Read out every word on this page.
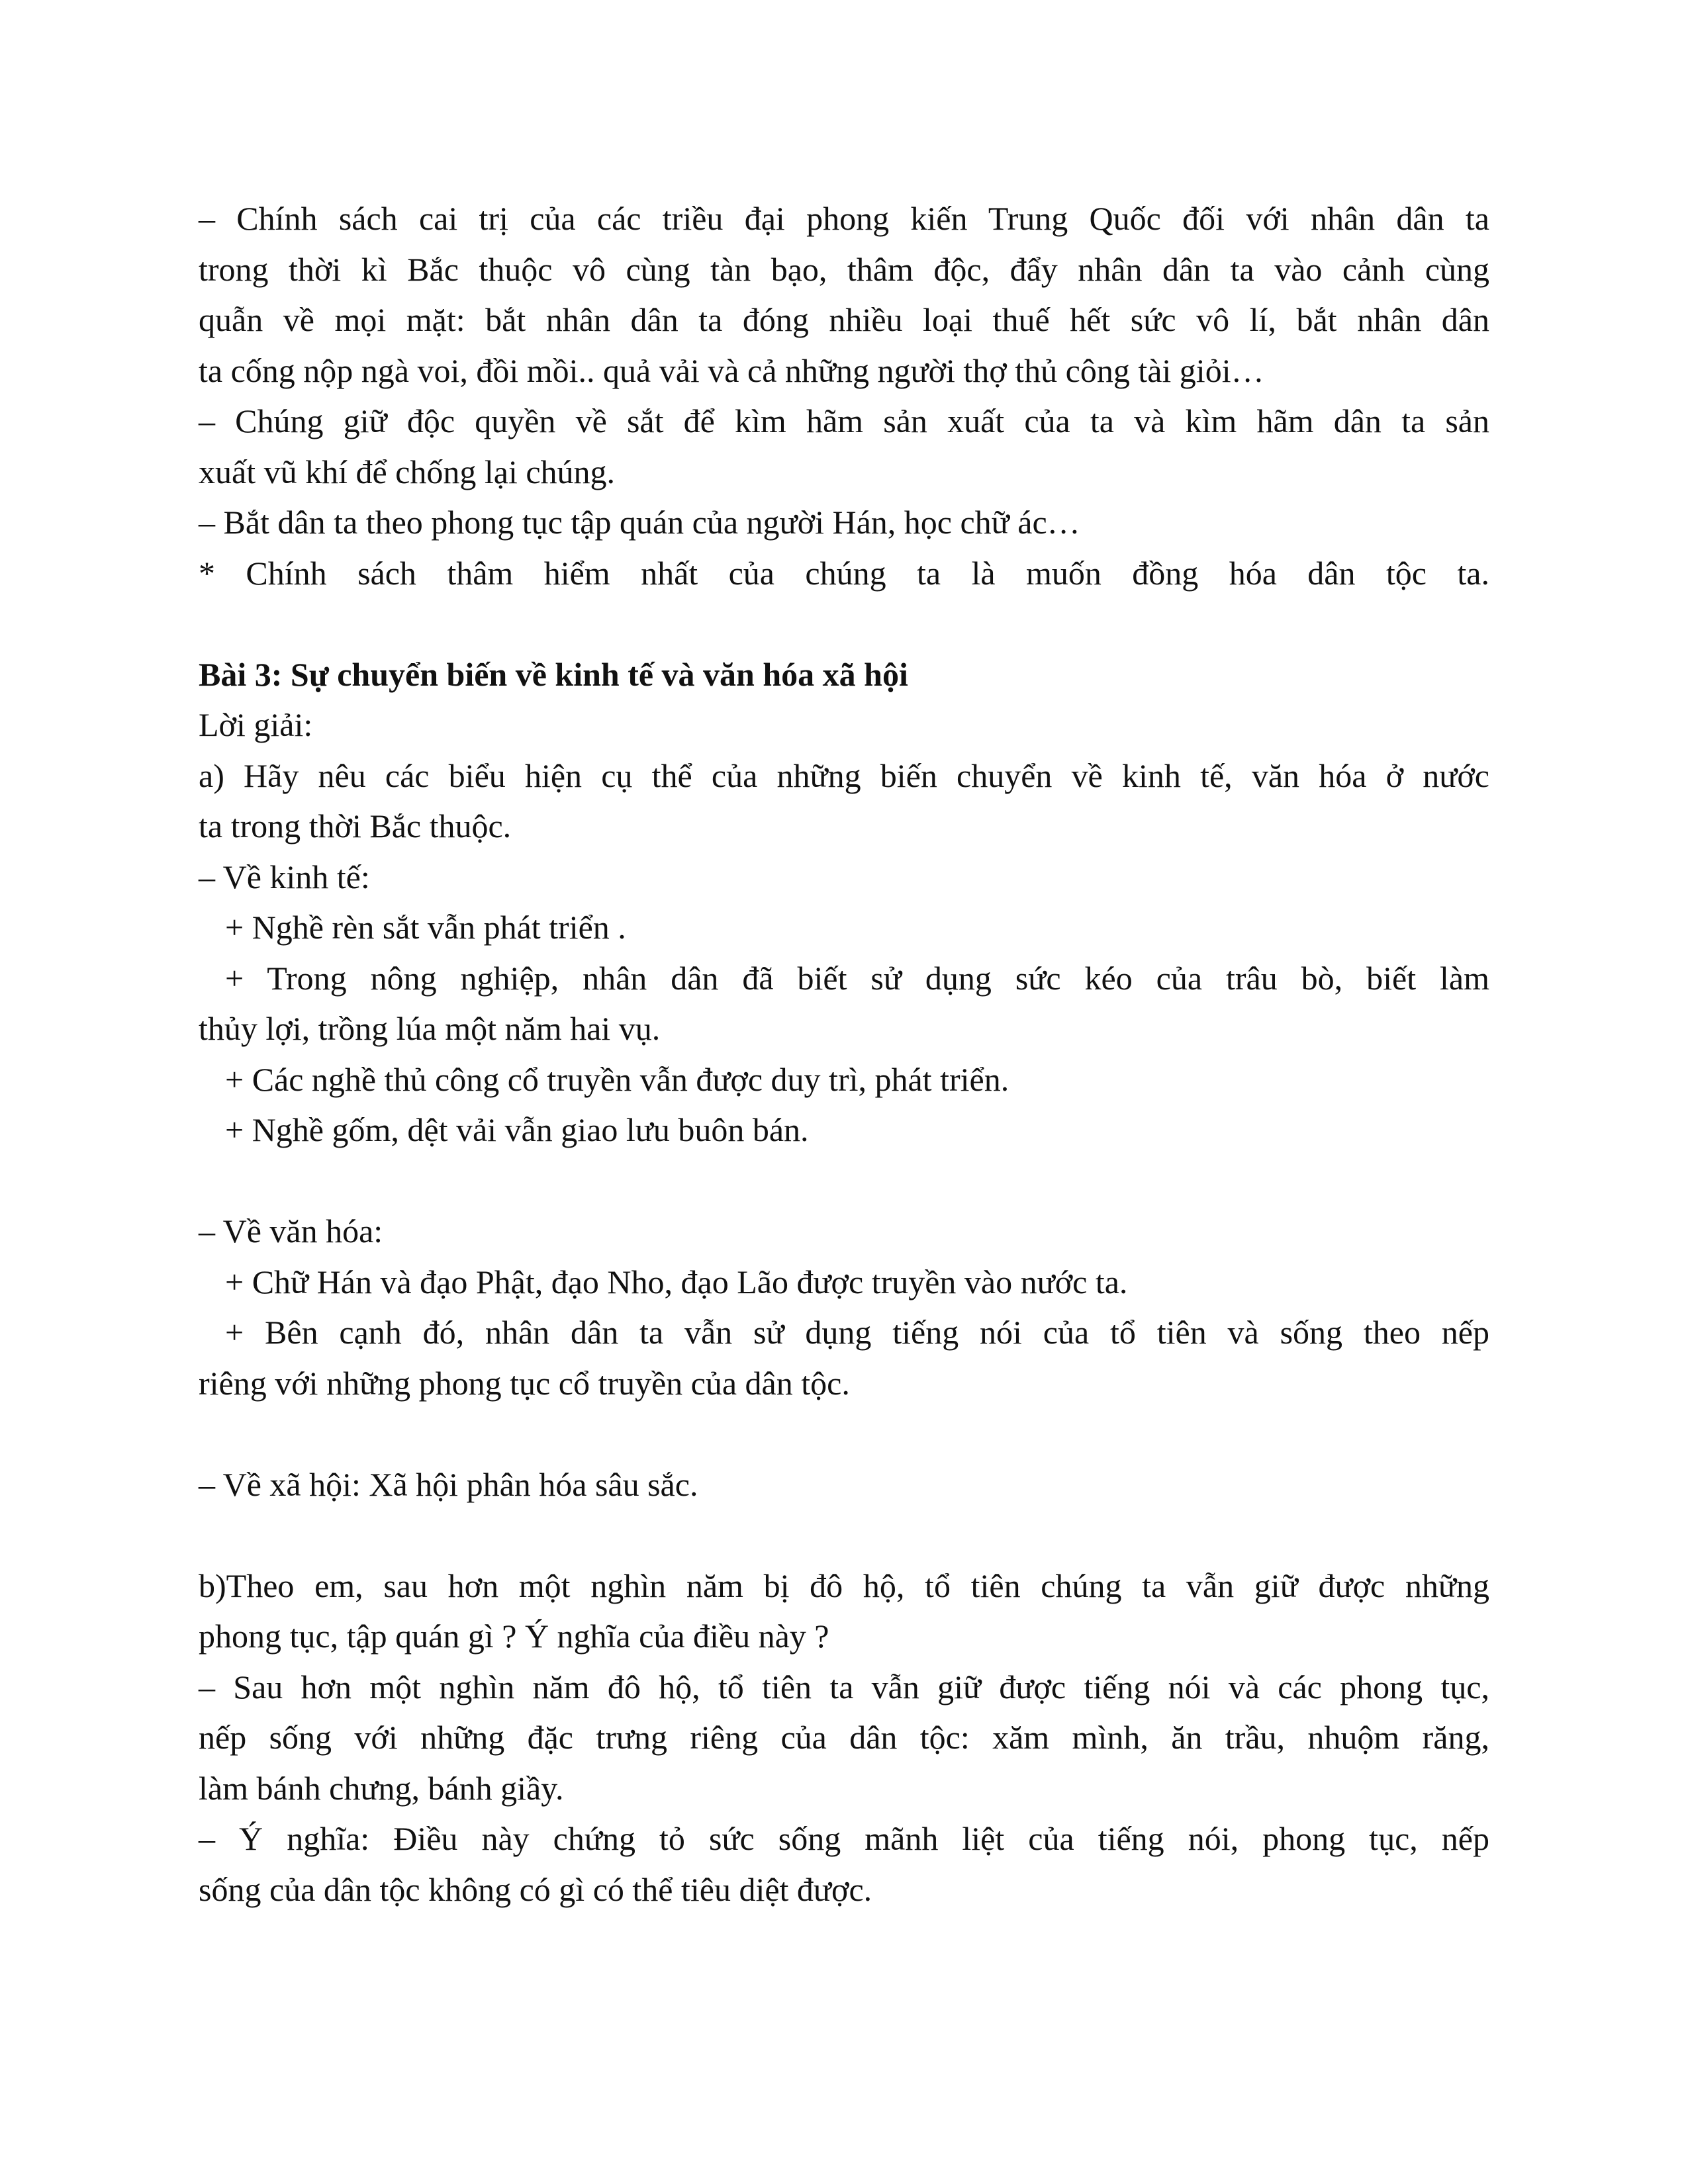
– Chính sách cai trị của các triều đại phong kiến Trung Quốc đối với nhân dân ta
trong thời kì Bắc thuộc vô cùng tàn bạo, thâm độc, đẩy nhân dân ta vào cảnh cùng
quẫn về mọi mặt: bắt nhân dân ta đóng nhiều loại thuế hết sức vô lí, bắt nhân dân
ta cống nộp ngà voi, đồi mồi.. quả vải và cả những người thợ thủ công tài giỏi…
– Chúng giữ độc quyền về sắt để kìm hãm sản xuất của ta và kìm hãm dân ta sản
xuất vũ khí để chống lại chúng.
– Bắt dân ta theo phong tục tập quán của người Hán, học chữ ác…
* Chính sách thâm hiểm nhất của chúng ta là muốn đồng hóa dân tộc ta.
Bài 3: Sự chuyển biến về kinh tế và văn hóa xã hội
Lời giải:
a) Hãy nêu các biểu hiện cụ thể của những biến chuyển về kinh tế, văn hóa ở nước
ta trong thời Bắc thuộc.
– Về kinh tế:
+ Nghề rèn sắt vẫn phát triển .
+ Trong nông nghiệp, nhân dân đã biết sử dụng sức kéo của trâu bò, biết làm
thủy lợi, trồng lúa một năm hai vụ.
+ Các nghề thủ công cổ truyền vẫn được duy trì, phát triển.
+ Nghề gốm, dệt vải vẫn giao lưu buôn bán.
– Về văn hóa:
+ Chữ Hán và đạo Phật, đạo Nho, đạo Lão được truyền vào nước ta.
+ Bên cạnh đó, nhân dân ta vẫn sử dụng tiếng nói của tổ tiên và sống theo nếp
riêng với những phong tục cổ truyền của dân tộc.
– Về xã hội: Xã hội phân hóa sâu sắc.
b)Theo em, sau hơn một nghìn năm bị đô hộ, tổ tiên chúng ta vẫn giữ được những
phong tục, tập quán gì ? Ý nghĩa của điều này ?
– Sau hơn một nghìn năm đô hộ, tổ tiên ta vẫn giữ được tiếng nói và các phong tục,
nếp sống với những đặc trưng riêng của dân tộc: xăm mình, ăn trầu, nhuộm răng,
làm bánh chưng, bánh giầy.
– Ý nghĩa: Điều này chứng tỏ sức sống mãnh liệt của tiếng nói, phong tục, nếp
sống của dân tộc không có gì có thể tiêu diệt được.
